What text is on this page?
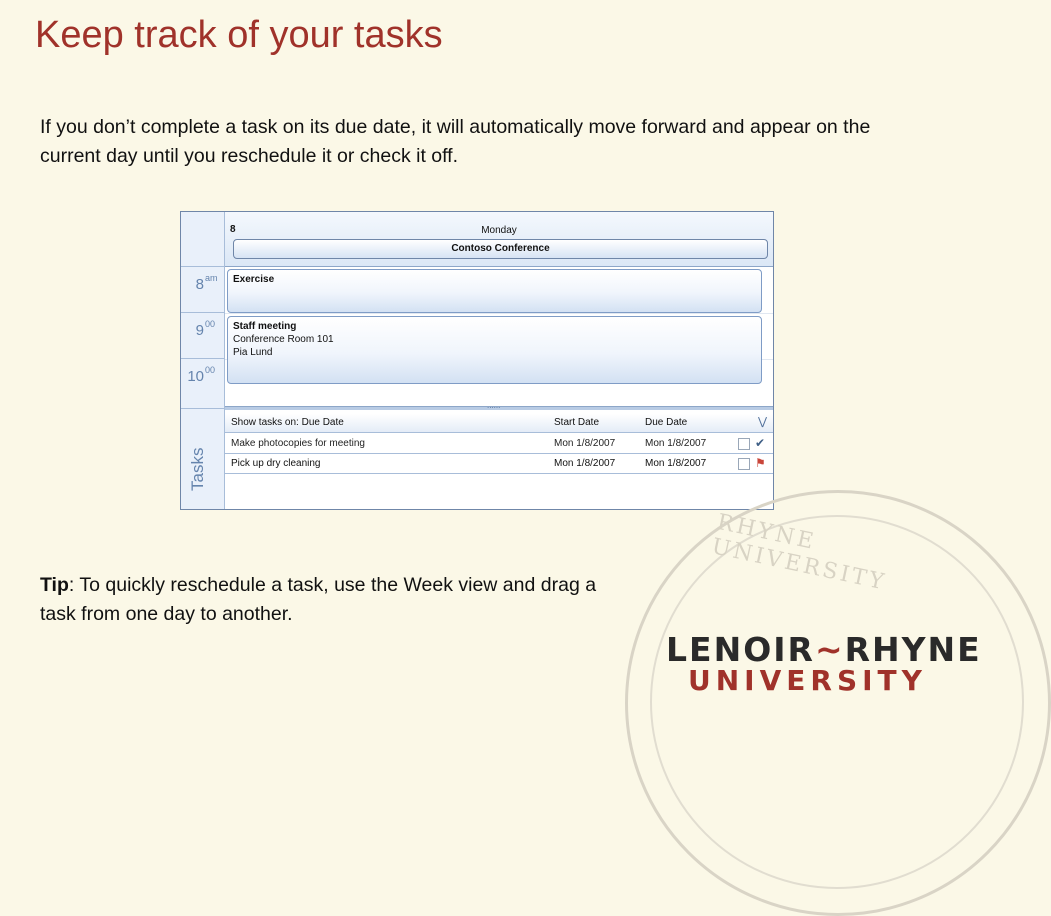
Keep track of your tasks

If you don’t complete a task on its due date, it will automatically move forward and appear on the current day until you reschedule it or check it off.

8 am
9 00
10 00
Tasks
8	Monday
Contoso Conference
Exercise
Staff meeting
Conference Room 101
Pia Lund
......
Show tasks on: Due Date	Start Date	Due Date	⋁
Make photocopies for meeting	Mon 1/8/2007	Mon 1/8/2007	✔
Pick up dry cleaning	Mon 1/8/2007	Mon 1/8/2007	⚑

Tip: To quickly reschedule a task, use the Week view and drag a task from one day to another.

RHYNE UNIVERSITY
LENOIR~RHYNE
UNIVERSITY
